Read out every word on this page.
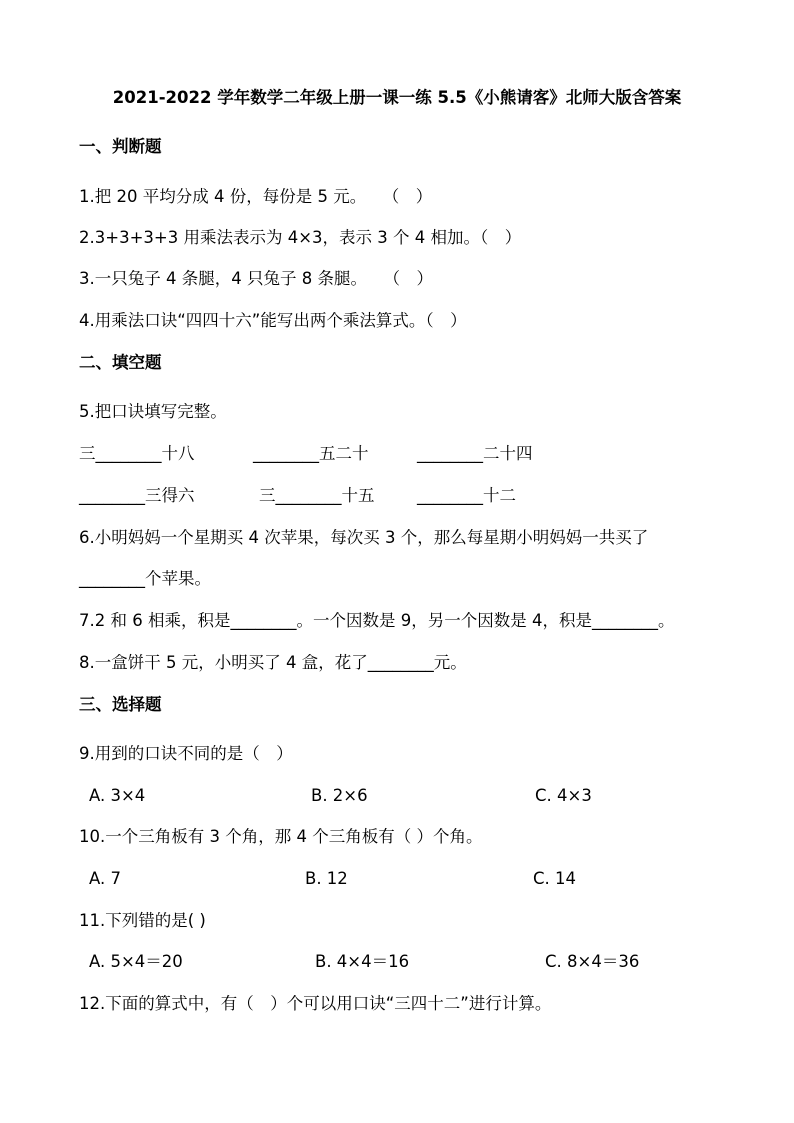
2021-2022 学年数学二年级上册一课一练 5.5《小熊请客》北师大版含答案
一、判断题
1.把 20 平均分成 4 份，每份是 5 元。　　（　）
2.3+3+3+3 用乘法表示为 4×3，表示 3 个 4 相加。（　）
3.一只兔子 4 条腿，4 只兔子 8 条腿。　　（　）
4.用乘法口诀“四四十六”能写出两个乘法算式。（　）
二、填空题
5.把口诀填写完整。
三________十八	________五二十	________二十四
________三得六	三________十五	________十二
6.小明妈妈一个星期买 4 次苹果，每次买 3 个，那么每星期小明妈妈一共买了
________个苹果。
7.2 和 6 相乘，积是________。一个因数是 9，另一个因数是 4，积是________。
8.一盒饼干 5 元，小明买了 4 盒，花了________元。
三、选择题
9.用到的口诀不同的是（　）
A. 3×4	B. 2×6	C. 4×3
10.一个三角板有 3 个角，那 4 个三角板有（ ）个角。
A. 7	B. 12	C. 14
11.下列错的是( )
A. 5×4＝20	B. 4×4＝16	C. 8×4＝36
12.下面的算式中，有（　）个可以用口诀“三四十二”进行计算。
